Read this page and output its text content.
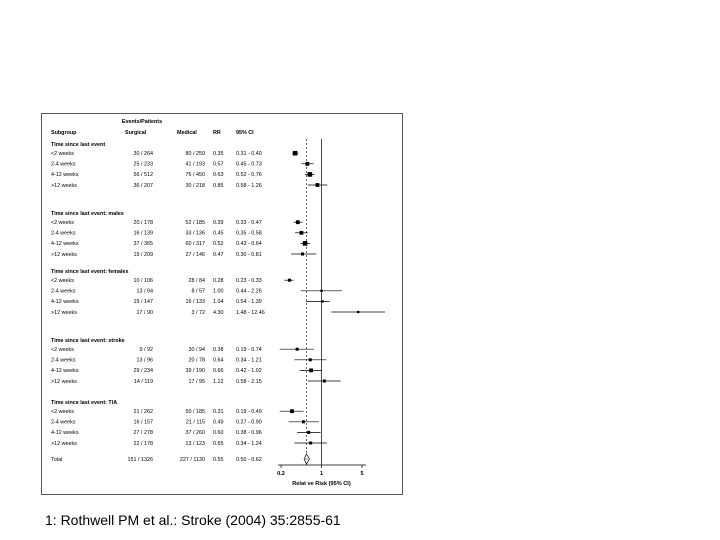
Events/Patients
Subgroup	Surgical	Medical	RR	95% CI
Time since last event
<2 weeks	30 / 264	80 / 259 0.35 0.31 - 0.40
2-4 weeks	25 / 233	41 / 193 0.57 0.45 - 0.73
4-12 weeks	56 / 512	76 / 450 0.63 0.52 - 0.76
>12 weeks	36 / 207	30 / 218 0.85 0.58 - 1.26
Time since last event: males
<2 weeks	20 / 178	52 / 185 0.39 0.33 - 0.47
2-4 weeks	16 / 139	33 / 136 0.45 0.35 - 0.58
4-12 weeks	37 / 365	60 / 317 0.52 0.43 - 0.64
>12 weeks	19 / 209	27 / 146 0.47 0.30 - 0.81
Time since last event: females
<2 weeks	10 / 106	28 / 84 0.28 0.23 - 0.33
2-4 weeks	13 / 94	8 / 57 1.00 0.44 - 2.26
4-12 weeks	19 / 147	16 / 133 1.04 0.54 - 1.39
>12 weeks	17 / 90	3 / 72 4.30 1.48 - 12.46
Time since last event: stroke
<2 weeks	9 / 92	30 / 94 0.38 0.19 - 0.74
2-4 weeks	13 / 96	20 / 78 0.64 0.34 - 1.21
4-12 weeks	29 / 234	39 / 190 0.66 0.42 - 1.02
>12 weeks	14 / 119	17 / 95 1.12 0.58 - 2.15
Time since last event: TIA
<2 weeks	21 / 262	50 / 185 0.31 0.19 - 0.49
2-4 weeks	16 / 157	21 / 115 0.49 0.27 - 0.90
4-12 weeks	27 / 278	37 / 260 0.60 0.38 - 0.96
>12 weeks	22 / 178	13 / 123 0.65 0.34 - 1.24
Total	151 / 1326	227 / 1130 0.55 0.50 - 0.62
0.2	1	5
Relat ve Risk (95% CI)
1: Rothwell PM et al.: Stroke (2004) 35:2855-61
